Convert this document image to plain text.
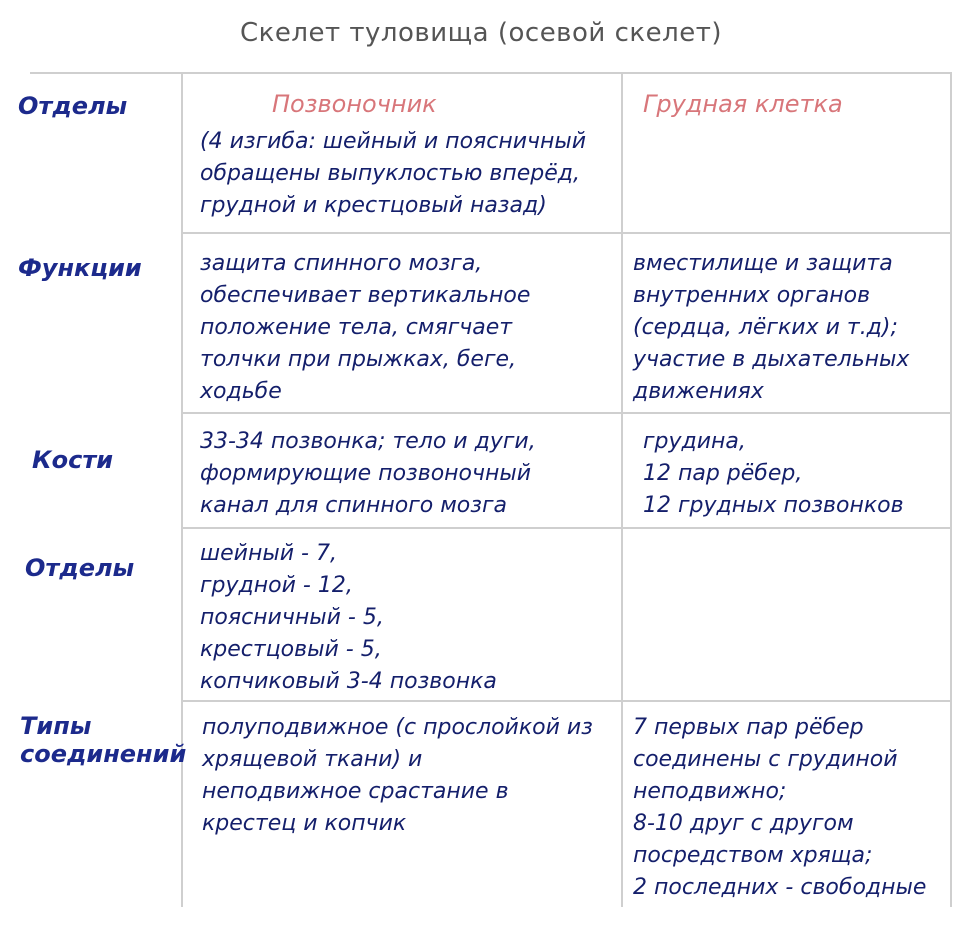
Скелет туловища (осевой скелет)
Позвоночник	Грудная клетка
Отделы
(4 изгиба: шейный и поясничный
обращены выпуклостью вперёд,
грудной и крестцовый назад)
Функции	защита спинного мозга,
обеспечивает вертикальное
положение тела, смягчает
толчки при прыжках, беге,
ходьбе
вместилище и защита
внутренних органов
(сердца, лёгких и т.д);
участие в дыхательных
движениях
Кости
33-34 позвонка; тело и дуги,
формирующие позвоночный
канал для спинного мозга
грудина,
12 пар рёбер,
12 грудных позвонков
Отделы
шейный - 7,
грудной - 12,
поясничный - 5,
крестцовый - 5,
копчиковый 3-4 позвонка
Типы
соединений
полуподвижное (с прослойкой из
хрящевой ткани) и
неподвижное срастание в
крестец и копчик
7 первых пар рёбер
соединены с грудиной
неподвижно;
8-10 друг с другом
посредством хряща;
2 последних - свободные
